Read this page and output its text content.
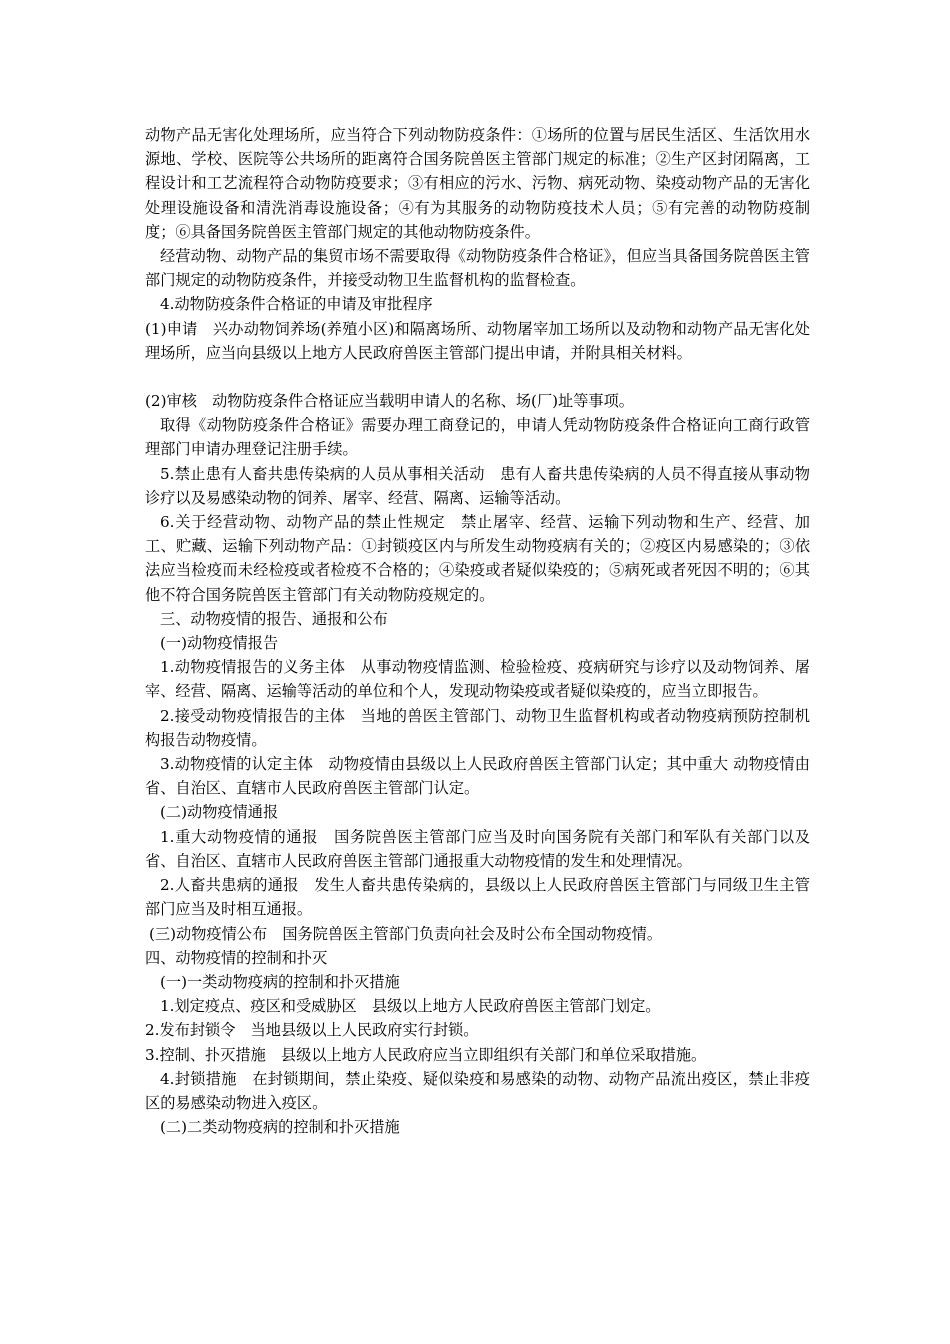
动物产品无害化处理场所，应当符合下列动物防疫条件：①场所的位置与居民生活区、生活饮用水源地、学校、医院等公共场所的距离符合国务院兽医主管部门规定的标准；②生产区封闭隔离，工程设计和工艺流程符合动物防疫要求；③有相应的污水、污物、病死动物、染疫动物产品的无害化处理设施设备和清洗消毒设施设备；④有为其服务的动物防疫技术人员；⑤有完善的动物防疫制度；⑥具备国务院兽医主管部门规定的其他动物防疫条件。

经营动物、动物产品的集贸市场不需要取得《动物防疫条件合格证》，但应当具备国务院兽医主管部门规定的动物防疫条件，并接受动物卫生监督机构的监督检查。

4.动物防疫条件合格证的申请及审批程序

(1)申请　兴办动物饲养场(养殖小区)和隔离场所、动物屠宰加工场所以及动物和动物产品无害化处理场所，应当向县级以上地方人民政府兽医主管部门提出申请，并附具相关材料。

(2)审核　动物防疫条件合格证应当载明申请人的名称、场(厂)址等事项。

取得《动物防疫条件合格证》需要办理工商登记的，申请人凭动物防疫条件合格证向工商行政管理部门申请办理登记注册手续。

5.禁止患有人畜共患传染病的人员从事相关活动　患有人畜共患传染病的人员不得直接从事动物诊疗以及易感染动物的饲养、屠宰、经营、隔离、运输等活动。

6.关于经营动物、动物产品的禁止性规定　禁止屠宰、经营、运输下列动物和生产、经营、加工、贮藏、运输下列动物产品：①封锁疫区内与所发生动物疫病有关的；②疫区内易感染的；③依法应当检疫而未经检疫或者检疫不合格的；④染疫或者疑似染疫的；⑤病死或者死因不明的；⑥其他不符合国务院兽医主管部门有关动物防疫规定的。

三、动物疫情的报告、通报和公布

(一)动物疫情报告

1.动物疫情报告的义务主体　从事动物疫情监测、检验检疫、疫病研究与诊疗以及动物饲养、屠宰、经营、隔离、运输等活动的单位和个人，发现动物染疫或者疑似染疫的，应当立即报告。

2.接受动物疫情报告的主体　当地的兽医主管部门、动物卫生监督机构或者动物疫病预防控制机构报告动物疫情。

3.动物疫情的认定主体　动物疫情由县级以上人民政府兽医主管部门认定；其中重大 动物疫情由省、自治区、直辖市人民政府兽医主管部门认定。

(二)动物疫情通报

1.重大动物疫情的通报　国务院兽医主管部门应当及时向国务院有关部门和军队有关部门以及省、自治区、直辖市人民政府兽医主管部门通报重大动物疫情的发生和处理情况。

2.人畜共患病的通报　发生人畜共患传染病的，县级以上人民政府兽医主管部门与同级卫生主管部门应当及时相互通报。

(三)动物疫情公布　国务院兽医主管部门负责向社会及时公布全国动物疫情。

四、动物疫情的控制和扑灭

(一)一类动物疫病的控制和扑灭措施

1.划定疫点、疫区和受威胁区　县级以上地方人民政府兽医主管部门划定。

2.发布封锁令　当地县级以上人民政府实行封锁。

3.控制、扑灭措施　县级以上地方人民政府应当立即组织有关部门和单位采取措施。

4.封锁措施　在封锁期间，禁止染疫、疑似染疫和易感染的动物、动物产品流出疫区，禁止非疫区的易感染动物进入疫区。

(二)二类动物疫病的控制和扑灭措施
